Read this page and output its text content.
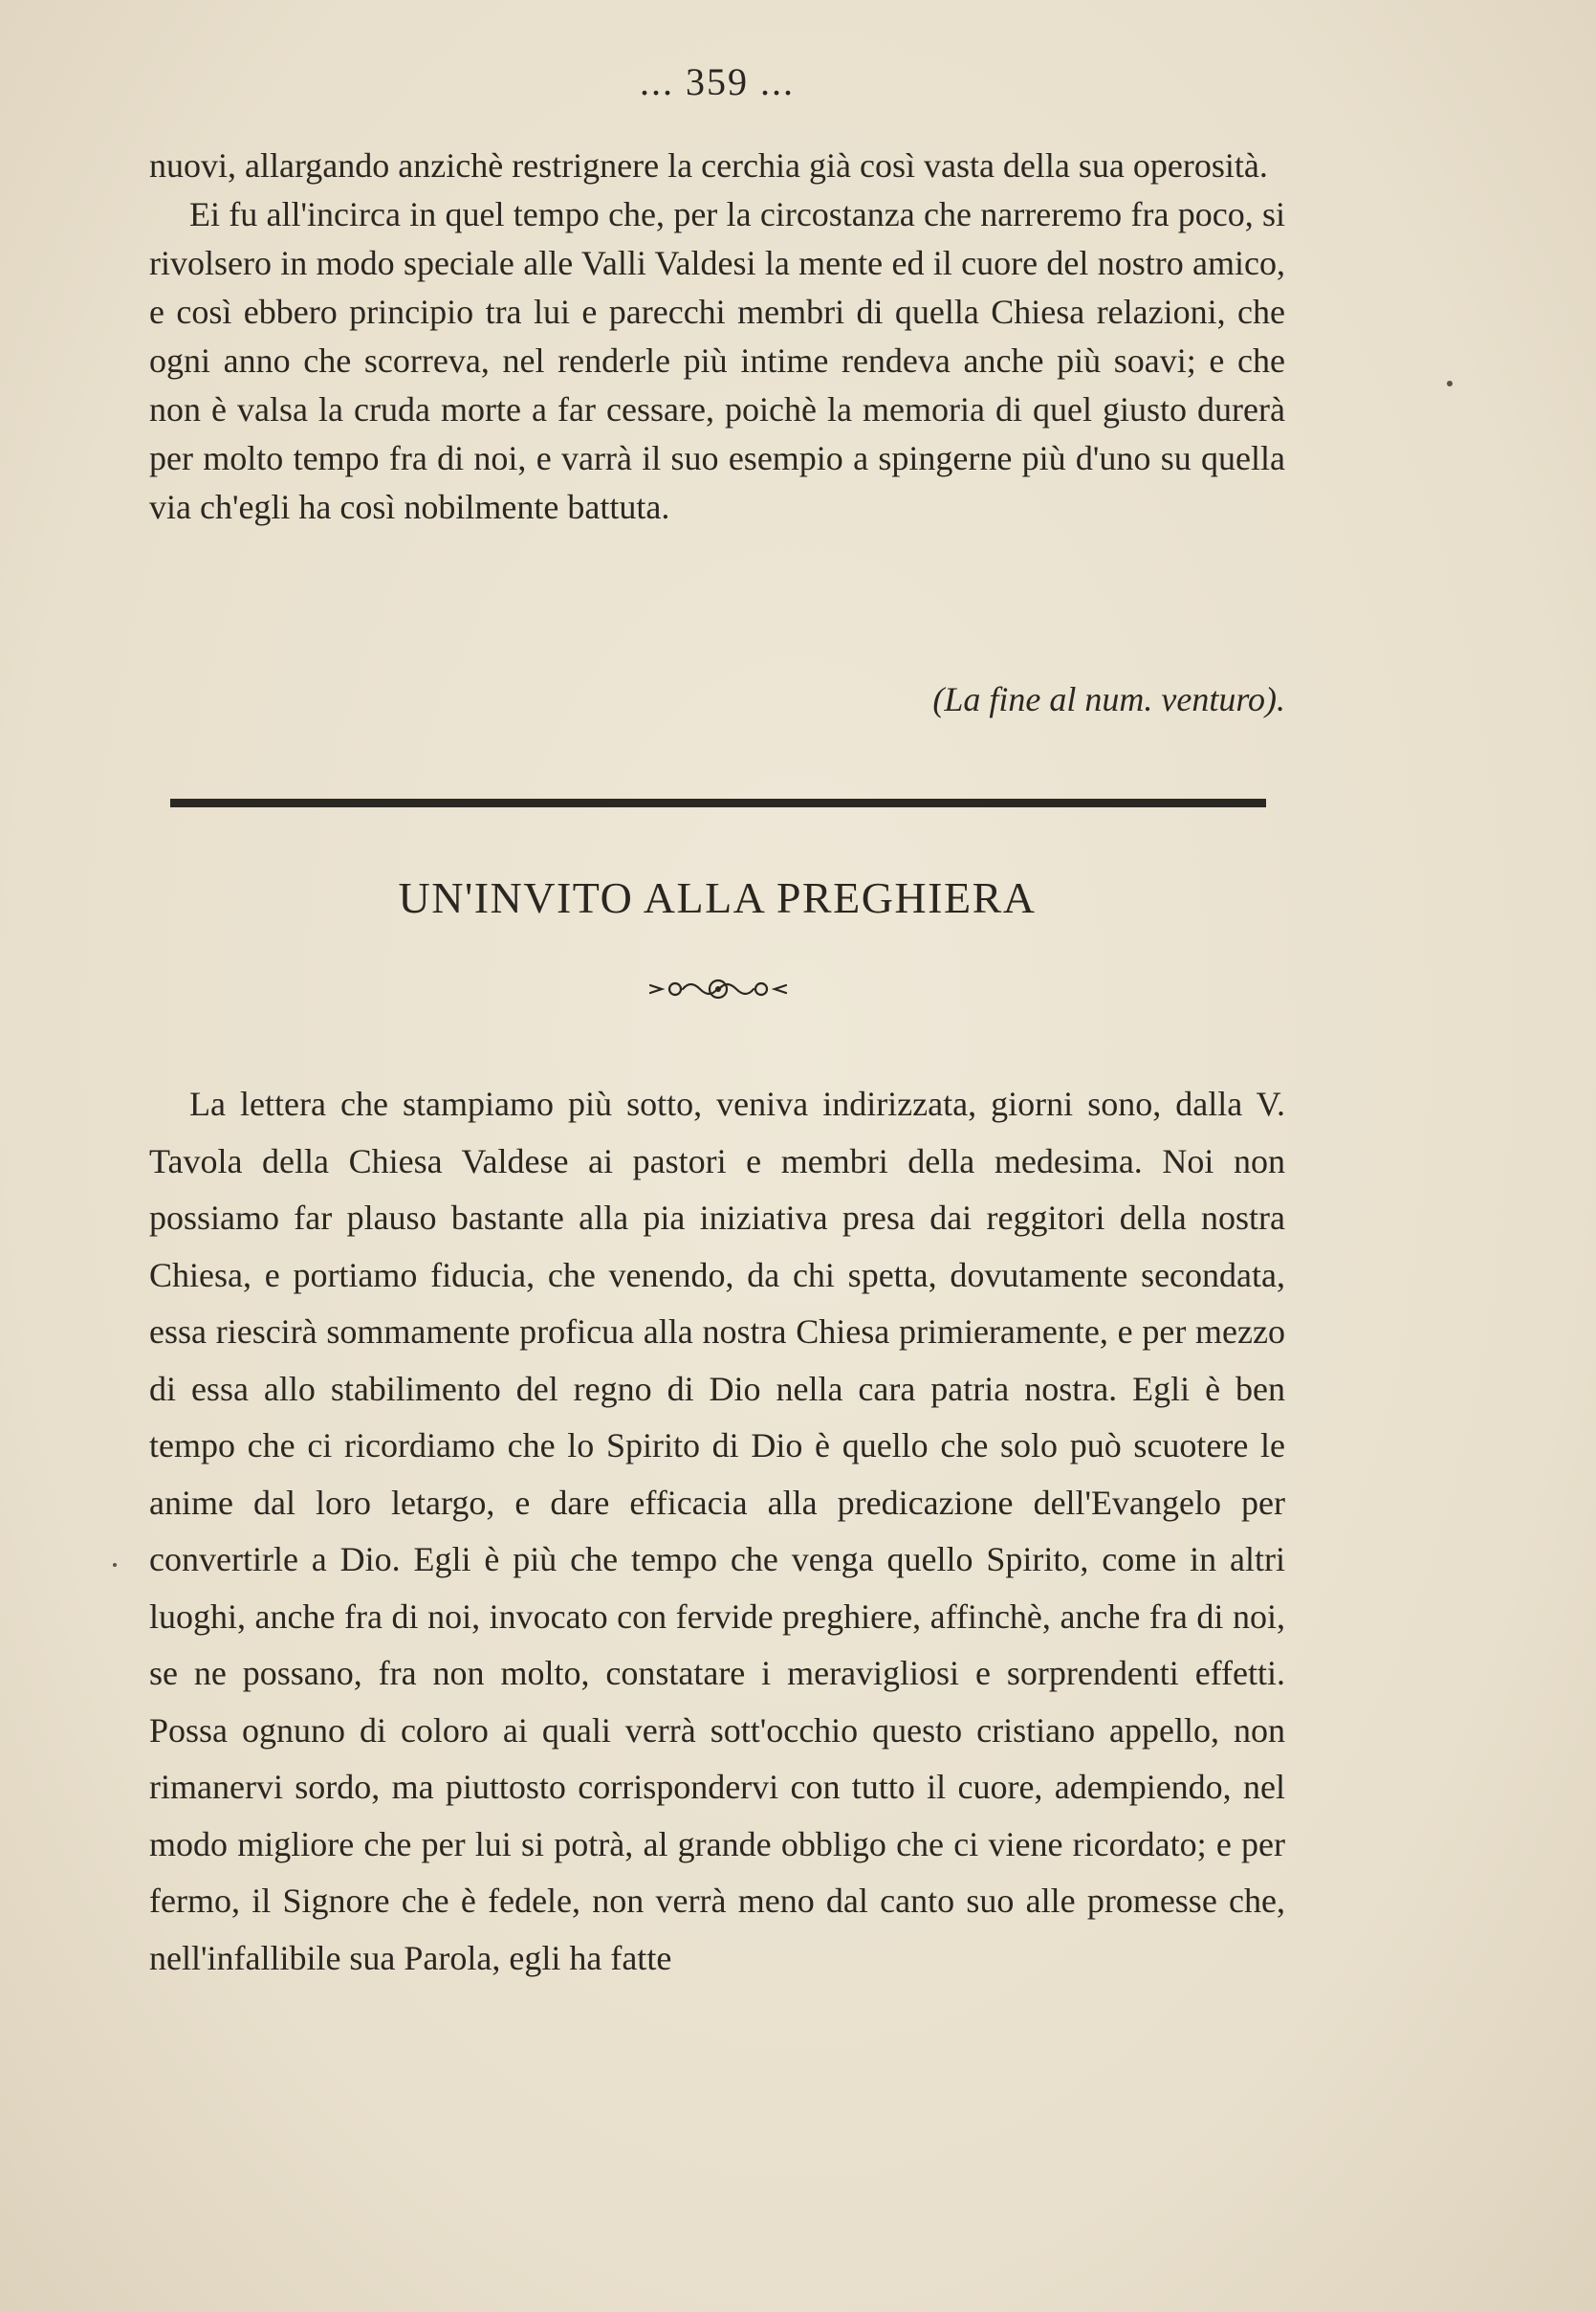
... 359 ...

nuovi, allargando anzichè restrignere la cerchia già così vasta della sua operosità.

Ei fu all'incirca in quel tempo che, per la circostanza che narreremo fra poco, si rivolsero in modo speciale alle Valli Valdesi la mente ed il cuore del nostro amico, e così ebbero principio tra lui e parecchi membri di quella Chiesa relazioni, che ogni anno che scorreva, nel renderle più intime rendeva anche più soavi; e che non è valsa la cruda morte a far cessare, poichè la memoria di quel giusto durerà per molto tempo fra di noi, e varrà il suo esempio a spingerne più d'uno su quella via ch'egli ha così nobilmente battuta.

(La fine al num. venturo).
UN'INVITO ALLA PREGHIERA

La lettera che stampiamo più sotto, veniva indirizzata, giorni sono, dalla V. Tavola della Chiesa Valdese ai pastori e membri della medesima. Noi non possiamo far plauso bastante alla pia iniziativa presa dai reggitori della nostra Chiesa, e portiamo fiducia, che venendo, da chi spetta, dovutamente secondata, essa riescirà sommamente proficua alla nostra Chiesa primieramente, e per mezzo di essa allo stabilimento del regno di Dio nella cara patria nostra. Egli è ben tempo che ci ricordiamo che lo Spirito di Dio è quello che solo può scuotere le anime dal loro letargo, e dare efficacia alla predicazione dell'Evangelo per convertirle a Dio. Egli è più che tempo che venga quello Spirito, come in altri luoghi, anche fra di noi, invocato con fervide preghiere, affinchè, anche fra di noi, se ne possano, fra non molto, constatare i meravigliosi e sorprendenti effetti. Possa ognuno di coloro ai quali verrà sott'occhio questo cristiano appello, non rimanervi sordo, ma piuttosto corrispondervi con tutto il cuore, adempiendo, nel modo migliore che per lui si potrà, al grande obbligo che ci viene ricordato; e per fermo, il Signore che è fedele, non verrà meno dal canto suo alle promesse che, nell'infallibile sua Parola, egli ha fatte
